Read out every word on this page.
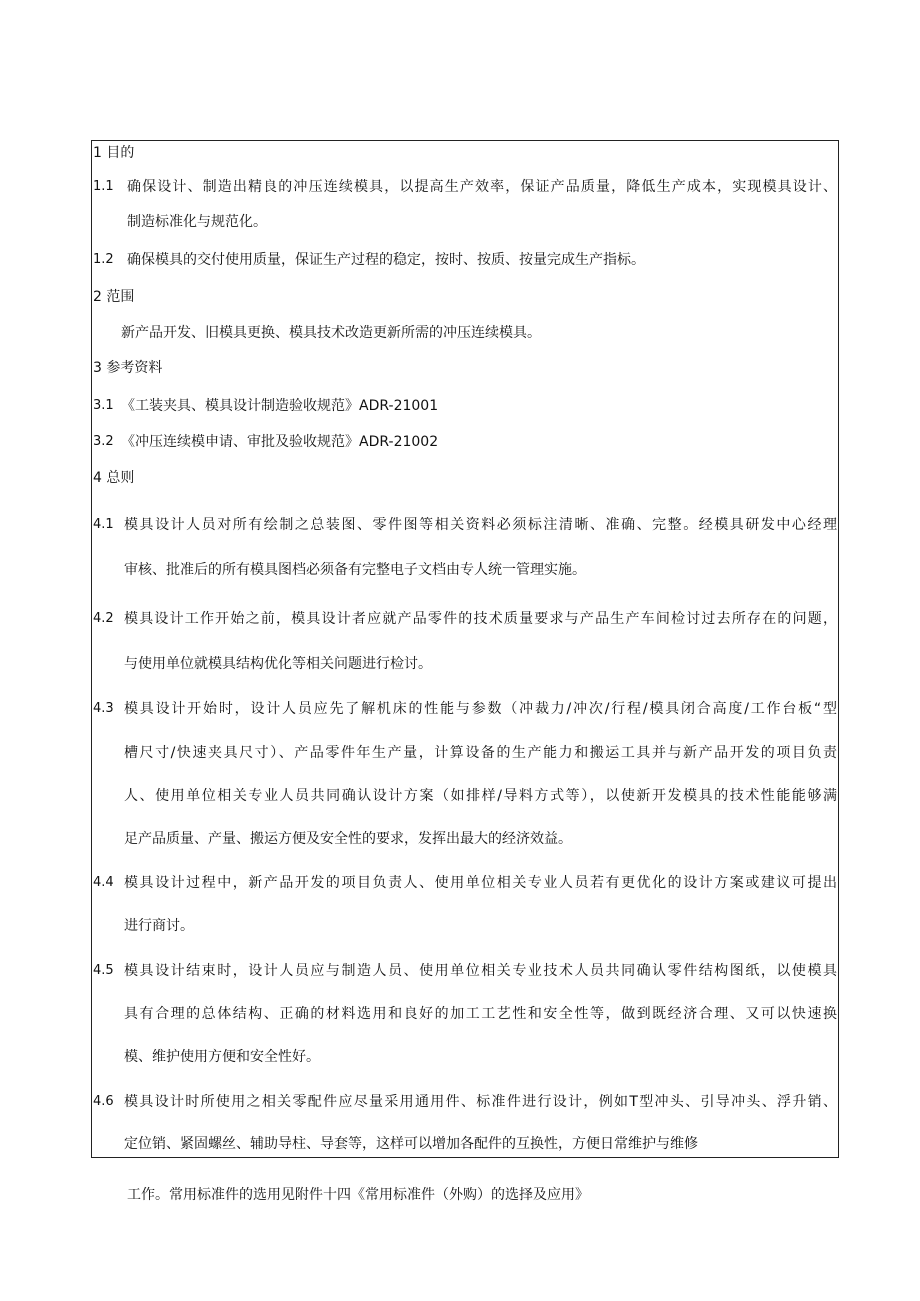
1 目的
1.1 确保设计、制造出精良的冲压连续模具，以提高生产效率，保证产品质量，降低生产成本，实现模具设计、
制造标准化与规范化。
1.2 确保模具的交付使用质量，保证生产过程的稳定，按时、按质、按量完成生产指标。
2 范围
新产品开发、旧模具更换、模具技术改造更新所需的冲压连续模具。
3 参考资料
3.1 《工装夹具、模具设计制造验收规范》ADR-21001
3.2 《冲压连续模申请、审批及验收规范》ADR-21002
4 总则
4.1 模具设计人员对所有绘制之总装图、零件图等相关资料必须标注清晰、准确、完整。经模具研发中心经理
审核、批准后的所有模具图档必须备有完整电子文档由专人统一管理实施。
4.2 模具设计工作开始之前，模具设计者应就产品零件的技术质量要求与产品生产车间检讨过去所存在的问题，
与使用单位就模具结构优化等相关问题进行检讨。
4.3 模具设计开始时，设计人员应先了解机床的性能与参数（冲裁力/冲次/行程/模具闭合高度/工作台板“型
槽尺寸/快速夹具尺寸）、产品零件年生产量，计算设备的生产能力和搬运工具并与新产品开发的项目负责
人、使用单位相关专业人员共同确认设计方案（如排样/导料方式等），以使新开发模具的技术性能能够满
足产品质量、产量、搬运方便及安全性的要求，发挥出最大的经济效益。
4.4 模具设计过程中，新产品开发的项目负责人、使用单位相关专业人员若有更优化的设计方案或建议可提出
进行商讨。
4.5 模具设计结束时，设计人员应与制造人员、使用单位相关专业技术人员共同确认零件结构图纸，以使模具
具有合理的总体结构、正确的材料选用和良好的加工工艺性和安全性等，做到既经济合理、又可以快速换
模、维护使用方便和安全性好。
4.6 模具设计时所使用之相关零配件应尽量采用通用件、标准件进行设计，例如T型冲头、引导冲头、浮升销、
定位销、紧固螺丝、辅助导柱、导套等，这样可以增加各配件的互换性，方便日常维护与维修
工作。常用标准件的选用见附件十四《常用标准件（外购）的选择及应用》
